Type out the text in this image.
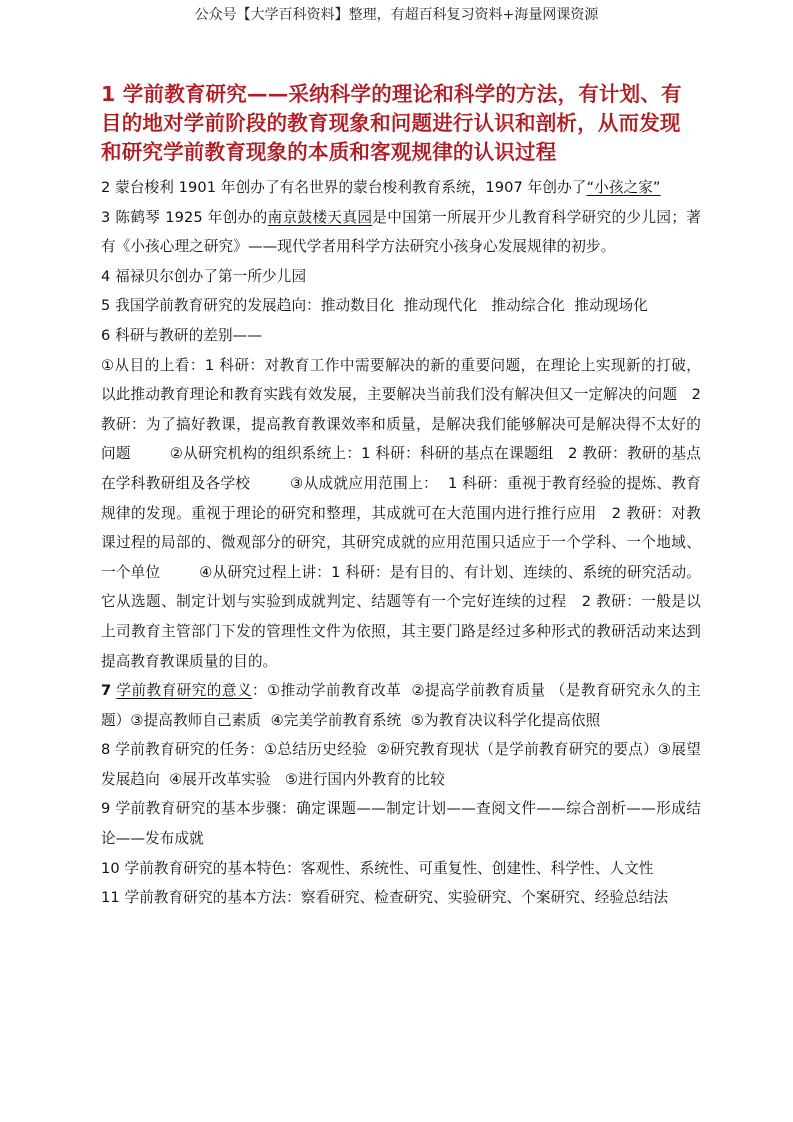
公众号【大学百科资料】整理，有超百科复习资料+海量网课资源
1 学前教育研究——采纳科学的理论和科学的方法，有计划、有目的地对学前阶段的教育现象和问题进行认识和剖析，从而发现和研究学前教育现象的本质和客观规律的认识过程

2 蒙台梭利 1901 年创办了有名世界的蒙台梭利教育系统，1907 年创办了“小孩之家”

3 陈鹤琴 1925 年创办的南京鼓楼天真园是中国第一所展开少儿教育科学研究的少儿园；著有《小孩心理之研究》——现代学者用科学方法研究小孩身心发展规律的初步。

4 福禄贝尔创办了第一所少儿园

5 我国学前教育研究的发展趋向：推动数目化  推动现代化   推动综合化  推动现场化

6 科研与教研的差别——

①从目的上看：1 科研：对教育工作中需要解决的新的重要问题，在理论上实现新的打破，以此推动教育理论和教育实践有效发展，主要解决当前我们没有解决但又一定解决的问题   2 教研：为了搞好教课，提高教育教课效率和质量，是解决我们能够解决可是解决得不太好的问题        ②从研究机构的组织系统上：1 科研：科研的基点在课题组   2 教研：教研的基点在学科教研组及各学校        ③从成就应用范围上：  1 科研：重视于教育经验的提炼、教育规律的发现。重视于理论的研究和整理，其成就可在大范围内进行推行应用   2 教研：对教课过程的局部的、微观部分的研究，其研究成就的应用范围只适应于一个学科、一个地域、一个单位        ④从研究过程上讲：1 科研：是有目的、有计划、连续的、系统的研究活动。它从选题、制定计划与实验到成就判定、结题等有一个完好连续的过程   2 教研：一般是以上司教育主管部门下发的管理性文件为依照，其主要门路是经过多种形式的教研活动来达到提高教育教课质量的目的。

7 学前教育研究的意义：①推动学前教育改革  ②提高学前教育质量 （是教育研究永久的主题）③提高教师自己素质  ④完美学前教育系统  ⑤为教育决议科学化提高依照

8 学前教育研究的任务：①总结历史经验  ②研究教育现状（是学前教育研究的要点）③展望发展趋向  ④展开改革实验   ⑤进行国内外教育的比较

9 学前教育研究的基本步骤：确定课题——制定计划——查阅文件——综合剖析——形成结论——发布成就

10 学前教育研究的基本特色：客观性、系统性、可重复性、创建性、科学性、人文性

11 学前教育研究的基本方法：察看研究、检查研究、实验研究、个案研究、经验总结法
